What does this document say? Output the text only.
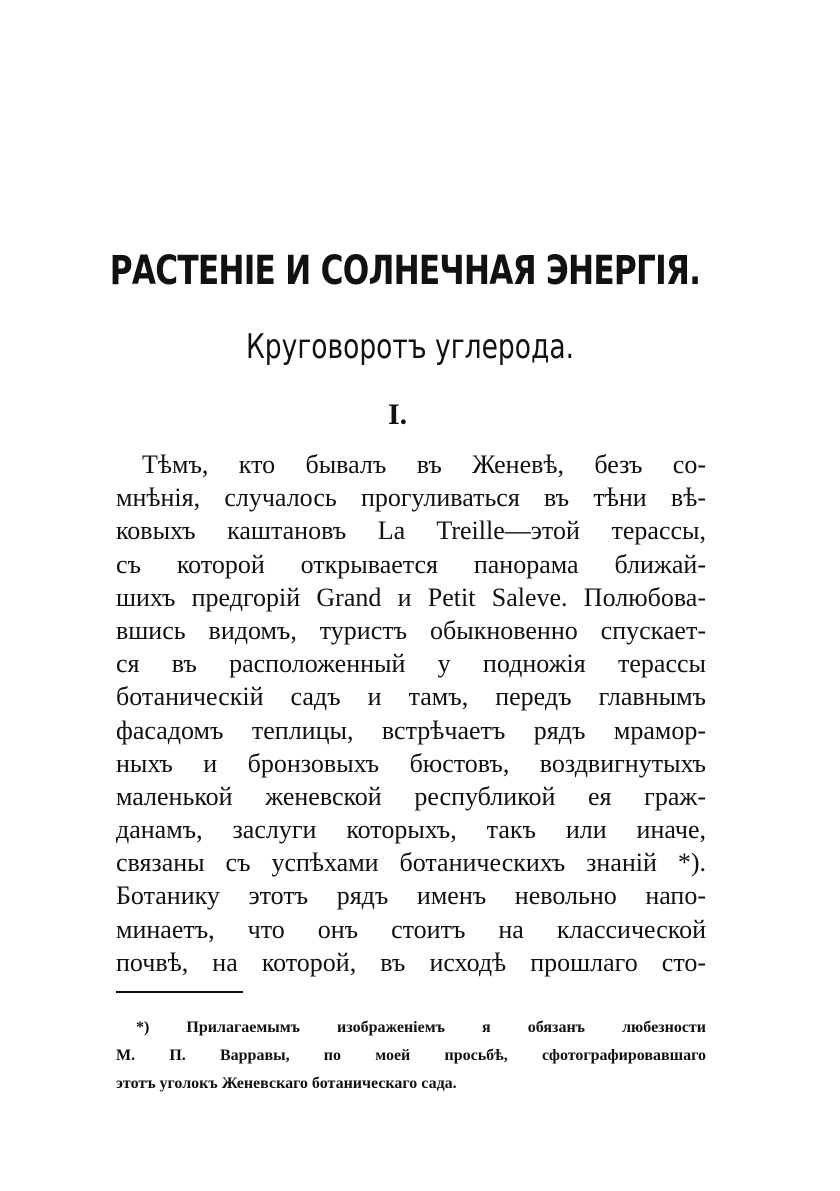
РАСТЕНІЕ И СОЛНЕЧНАЯ ЭНЕРГІЯ.
Круговоротъ углерода.
I.
Тѣмъ, кто бывалъ въ Женевѣ, безъ со-
мнѣнія, случалось прогуливаться въ тѣни вѣ-
ковыхъ каштановъ La Treille—этой терассы,
съ которой открывается панорама ближай-
шихъ предгорій Grand и Petit Saleve. Полюбова-
вшись видомъ, туристъ обыкновенно спускает-
ся въ расположенный у подножія терассы
ботаническій садъ и тамъ, передъ главнымъ
фасадомъ теплицы, встрѣчаетъ рядъ мрамор-
ныхъ и бронзовыхъ бюстовъ, воздвигнутыхъ
маленькой женевской республикой ея граж-
данамъ, заслуги которыхъ, такъ или иначе,
связаны съ успѣхами ботаническихъ знаній *).
Ботанику этотъ рядъ именъ невольно напо-
минаетъ, что онъ стоитъ на классической
почвѣ, на которой, въ исходѣ прошлаго сто-
*) Прилагаемымъ изображеніемъ я обязанъ любезности
М. П. Варравы, по моей просьбѣ, сфотографировавшаго
этотъ уголокъ Женевскаго ботаническаго сада.
